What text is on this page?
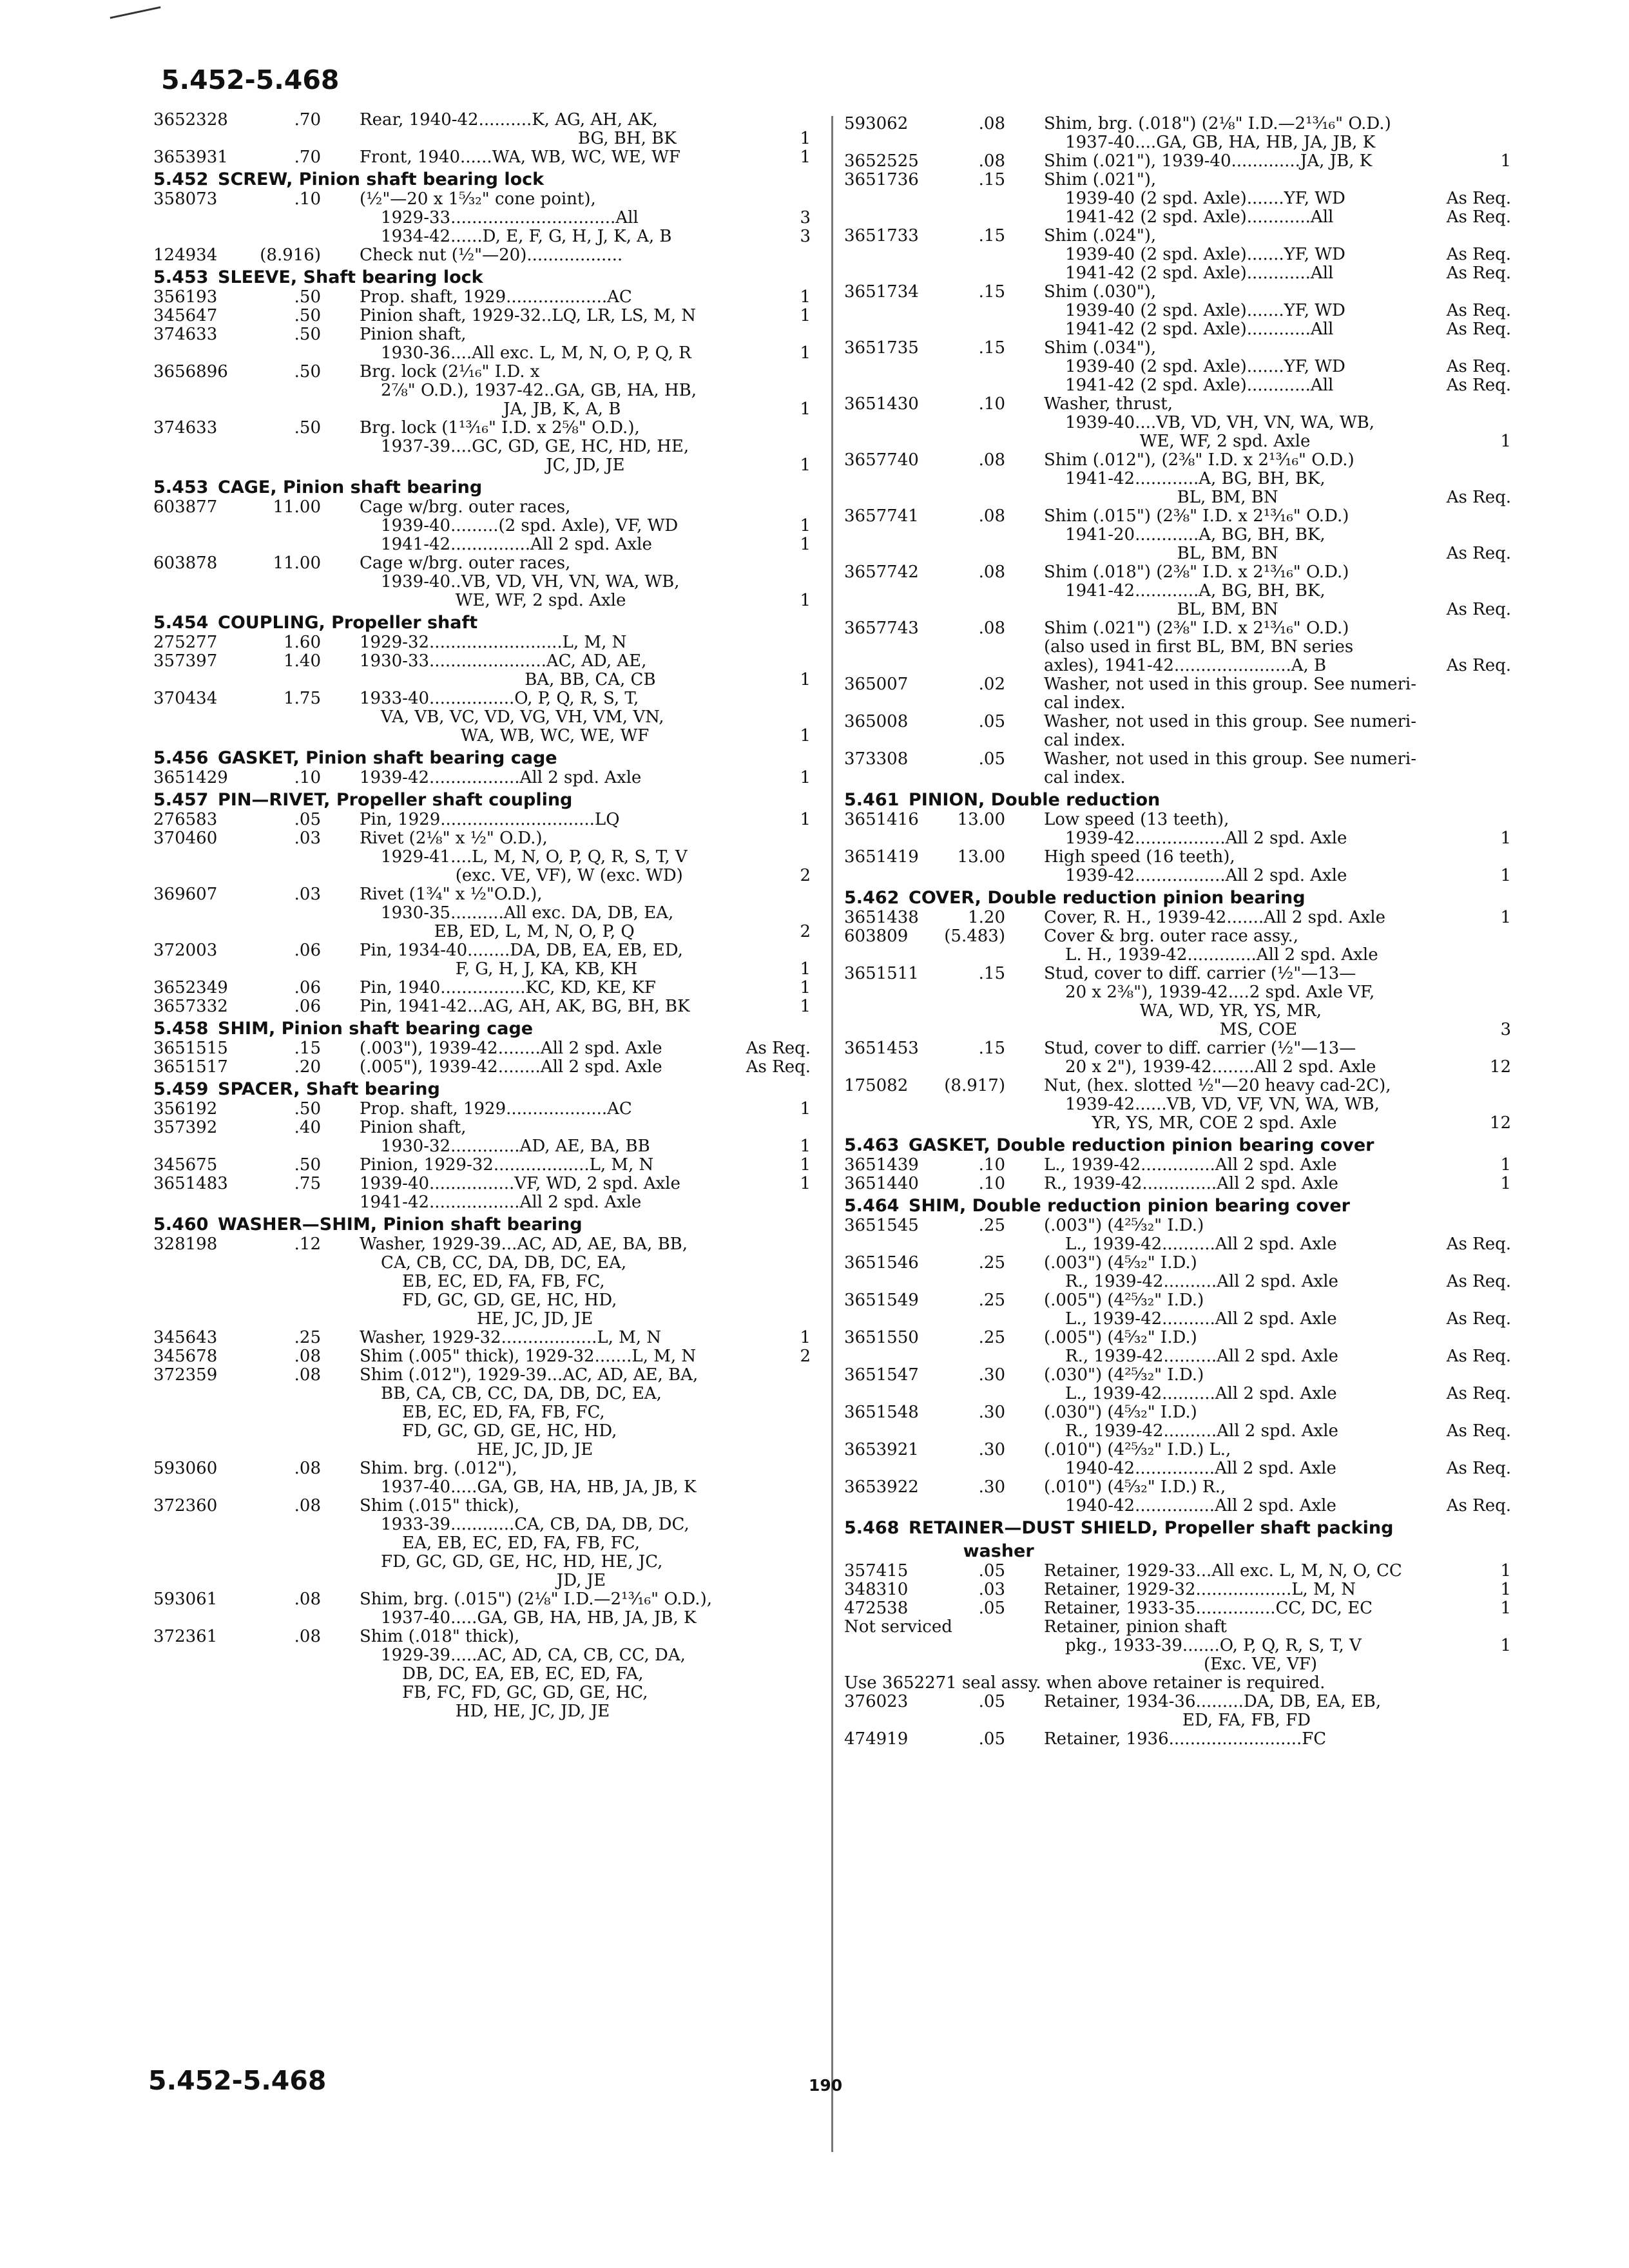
5.452-5.468
3652328	.70 Rear, 1940-42..........K, AG, AH, AK,
BG, BH, BK	1
3653931	.70 Front, 1940......WA, WB, WC, WE, WF	1
5.452 SCREW, Pinion shaft bearing lock
358073	.10 (½"—20 x 1⁵⁄₃₂" cone point),
1929-33...............................All	3
1934-42......D, E, F, G, H, J, K, A, B	3
124934	(8.916) Check nut (½"—20)..................
5.453 SLEEVE, Shaft bearing lock
356193	.50 Prop. shaft, 1929...................AC	1
345647	.50 Pinion shaft, 1929-32..LQ, LR, LS, M, N	1
374633	.50 Pinion shaft,
1930-36....All exc. L, M, N, O, P, Q, R	1
3656896	.50 Brg. lock (2¹⁄₁₆" I.D. x
2⅞" O.D.), 1937-42..GA, GB, HA, HB,
JA, JB, K, A, B	1
374633	.50 Brg. lock (1¹³⁄₁₆" I.D. x 2⅝" O.D.),
1937-39....GC, GD, GE, HC, HD, HE,
JC, JD, JE	1
5.453 CAGE, Pinion shaft bearing
603877	11.00 Cage w/brg. outer races,
1939-40.........(2 spd. Axle), VF, WD	1
1941-42...............All 2 spd. Axle	1
603878	11.00 Cage w/brg. outer races,
1939-40..VB, VD, VH, VN, WA, WB,
WE, WF, 2 spd. Axle	1
5.454 COUPLING, Propeller shaft
275277	1.60 1929-32.........................L, M, N
357397	1.40 1930-33......................AC, AD, AE,
BA, BB, CA, CB	1
370434	1.75 1933-40................O, P, Q, R, S, T,
VA, VB, VC, VD, VG, VH, VM, VN,
WA, WB, WC, WE, WF	1
5.456 GASKET, Pinion shaft bearing cage
3651429	.10 1939-42.................All 2 spd. Axle	1
5.457 PIN—RIVET, Propeller shaft coupling
276583	.05 Pin, 1929.............................LQ	1
370460	.03 Rivet (2⅛" x ½" O.D.),
1929-41....L, M, N, O, P, Q, R, S, T, V
(exc. VE, VF), W (exc. WD)	2
369607	.03 Rivet (1¾" x ½"O.D.),
1930-35..........All exc. DA, DB, EA,
EB, ED, L, M, N, O, P, Q	2
372003	.06 Pin, 1934-40........DA, DB, EA, EB, ED,
F, G, H, J, KA, KB, KH	1
3652349	.06 Pin, 1940................KC, KD, KE, KF	1
3657332	.06 Pin, 1941-42...AG, AH, AK, BG, BH, BK	1
5.458 SHIM, Pinion shaft bearing cage
3651515	.15 (.003"), 1939-42........All 2 spd. Axle	As Req.
3651517	.20 (.005"), 1939-42........All 2 spd. Axle	As Req.
5.459 SPACER, Shaft bearing
356192	.50 Prop. shaft, 1929...................AC	1
357392	.40 Pinion shaft,
1930-32.............AD, AE, BA, BB	1
345675	.50 Pinion, 1929-32..................L, M, N	1
3651483	.75 1939-40................VF, WD, 2 spd. Axle	1
1941-42.................All 2 spd. Axle
5.460 WASHER—SHIM, Pinion shaft bearing
328198	.12 Washer, 1929-39...AC, AD, AE, BA, BB,
CA, CB, CC, DA, DB, DC, EA,
EB, EC, ED, FA, FB, FC,
FD, GC, GD, GE, HC, HD,
HE, JC, JD, JE
345643	.25 Washer, 1929-32..................L, M, N	1
345678	.08 Shim (.005" thick), 1929-32.......L, M, N	2
372359	.08 Shim (.012"), 1929-39...AC, AD, AE, BA,
BB, CA, CB, CC, DA, DB, DC, EA,
EB, EC, ED, FA, FB, FC,
FD, GC, GD, GE, HC, HD,
HE, JC, JD, JE
593060	.08 Shim. brg. (.012"),
1937-40.....GA, GB, HA, HB, JA, JB, K
372360	.08 Shim (.015" thick),
1933-39............CA, CB, DA, DB, DC,
EA, EB, EC, ED, FA, FB, FC,
FD, GC, GD, GE, HC, HD, HE, JC,
JD, JE
593061	.08 Shim, brg. (.015") (2⅛" I.D.—2¹³⁄₁₆" O.D.),
1937-40.....GA, GB, HA, HB, JA, JB, K
372361	.08 Shim (.018" thick),
1929-39.....AC, AD, CA, CB, CC, DA,
DB, DC, EA, EB, EC, ED, FA,
FB, FC, FD, GC, GD, GE, HC,
HD, HE, JC, JD, JE
593062	.08 Shim, brg. (.018") (2⅛" I.D.—2¹³⁄₁₆" O.D.)
1937-40....GA, GB, HA, HB, JA, JB, K
3652525	.08 Shim (.021"), 1939-40.............JA, JB, K	1
3651736	.15 Shim (.021"),
1939-40 (2 spd. Axle).......YF, WD	As Req.
1941-42 (2 spd. Axle)............All	As Req.
3651733	.15 Shim (.024"),
1939-40 (2 spd. Axle).......YF, WD	As Req.
1941-42 (2 spd. Axle)............All	As Req.
3651734	.15 Shim (.030"),
1939-40 (2 spd. Axle).......YF, WD	As Req.
1941-42 (2 spd. Axle)............All	As Req.
3651735	.15 Shim (.034"),
1939-40 (2 spd. Axle).......YF, WD	As Req.
1941-42 (2 spd. Axle)............All	As Req.
3651430	.10 Washer, thrust,
1939-40....VB, VD, VH, VN, WA, WB,
WE, WF, 2 spd. Axle	1
3657740	.08 Shim (.012"), (2⅜" I.D. x 2¹³⁄₁₆" O.D.)
1941-42............A, BG, BH, BK,
BL, BM, BN	As Req.
3657741	.08 Shim (.015") (2⅜" I.D. x 2¹³⁄₁₆" O.D.)
1941-20............A, BG, BH, BK,
BL, BM, BN	As Req.
3657742	.08 Shim (.018") (2⅜" I.D. x 2¹³⁄₁₆" O.D.)
1941-42............A, BG, BH, BK,
BL, BM, BN	As Req.
3657743	.08 Shim (.021") (2⅜" I.D. x 2¹³⁄₁₆" O.D.)
(also used in first BL, BM, BN series
axles), 1941-42......................A, B	As Req.
365007	.02 Washer, not used in this group. See numeri-
cal index.
365008	.05 Washer, not used in this group. See numeri-
cal index.
373308	.05 Washer, not used in this group. See numeri-
cal index.
5.461 PINION, Double reduction
3651416	13.00 Low speed (13 teeth),
1939-42.................All 2 spd. Axle	1
3651419	13.00 High speed (16 teeth),
1939-42.................All 2 spd. Axle	1
5.462 COVER, Double reduction pinion bearing
3651438	1.20 Cover, R. H., 1939-42.......All 2 spd. Axle	1
603809	(5.483) Cover & brg. outer race assy.,
L. H., 1939-42.............All 2 spd. Axle
3651511	.15 Stud, cover to diff. carrier (½"—13—
20 x 2⅜"), 1939-42....2 spd. Axle VF,
WA, WD, YR, YS, MR,
MS, COE	3
3651453	.15 Stud, cover to diff. carrier (½"—13—
20 x 2"), 1939-42........All 2 spd. Axle	12
175082	(8.917) Nut, (hex. slotted ½"—20 heavy cad-2C),
1939-42......VB, VD, VF, VN, WA, WB,
YR, YS, MR, COE 2 spd. Axle	12
5.463 GASKET, Double reduction pinion bearing cover
3651439	.10 L., 1939-42..............All 2 spd. Axle	1
3651440	.10 R., 1939-42..............All 2 spd. Axle	1
5.464 SHIM, Double reduction pinion bearing cover
3651545	.25 (.003") (4²⁵⁄₃₂" I.D.)
L., 1939-42..........All 2 spd. Axle	As Req.
3651546	.25 (.003") (4⁵⁄₃₂" I.D.)
R., 1939-42..........All 2 spd. Axle	As Req.
3651549	.25 (.005") (4²⁵⁄₃₂" I.D.)
L., 1939-42..........All 2 spd. Axle	As Req.
3651550	.25 (.005") (4⁵⁄₃₂" I.D.)
R., 1939-42..........All 2 spd. Axle	As Req.
3651547	.30 (.030") (4²⁵⁄₃₂" I.D.)
L., 1939-42..........All 2 spd. Axle	As Req.
3651548	.30 (.030") (4⁵⁄₃₂" I.D.)
R., 1939-42..........All 2 spd. Axle	As Req.
3653921	.30 (.010") (4²⁵⁄₃₂" I.D.) L.,
1940-42...............All 2 spd. Axle	As Req.
3653922	.30 (.010") (4⁵⁄₃₂" I.D.) R.,
1940-42...............All 2 spd. Axle	As Req.
5.468 RETAINER—DUST SHIELD, Propeller shaft packing
washer
357415	.05 Retainer, 1929-33...All exc. L, M, N, O, CC	1
348310	.03 Retainer, 1929-32..................L, M, N	1
472538	.05 Retainer, 1933-35...............CC, DC, EC	1
Not serviced	Retainer, pinion shaft
pkg., 1933-39.......O, P, Q, R, S, T, V	1
(Exc. VE, VF)
Use 3652271 seal assy. when above retainer is required.
376023	.05 Retainer, 1934-36.........DA, DB, EA, EB,
ED, FA, FB, FD
474919	.05 Retainer, 1936.........................FC
5.452-5.468	190
